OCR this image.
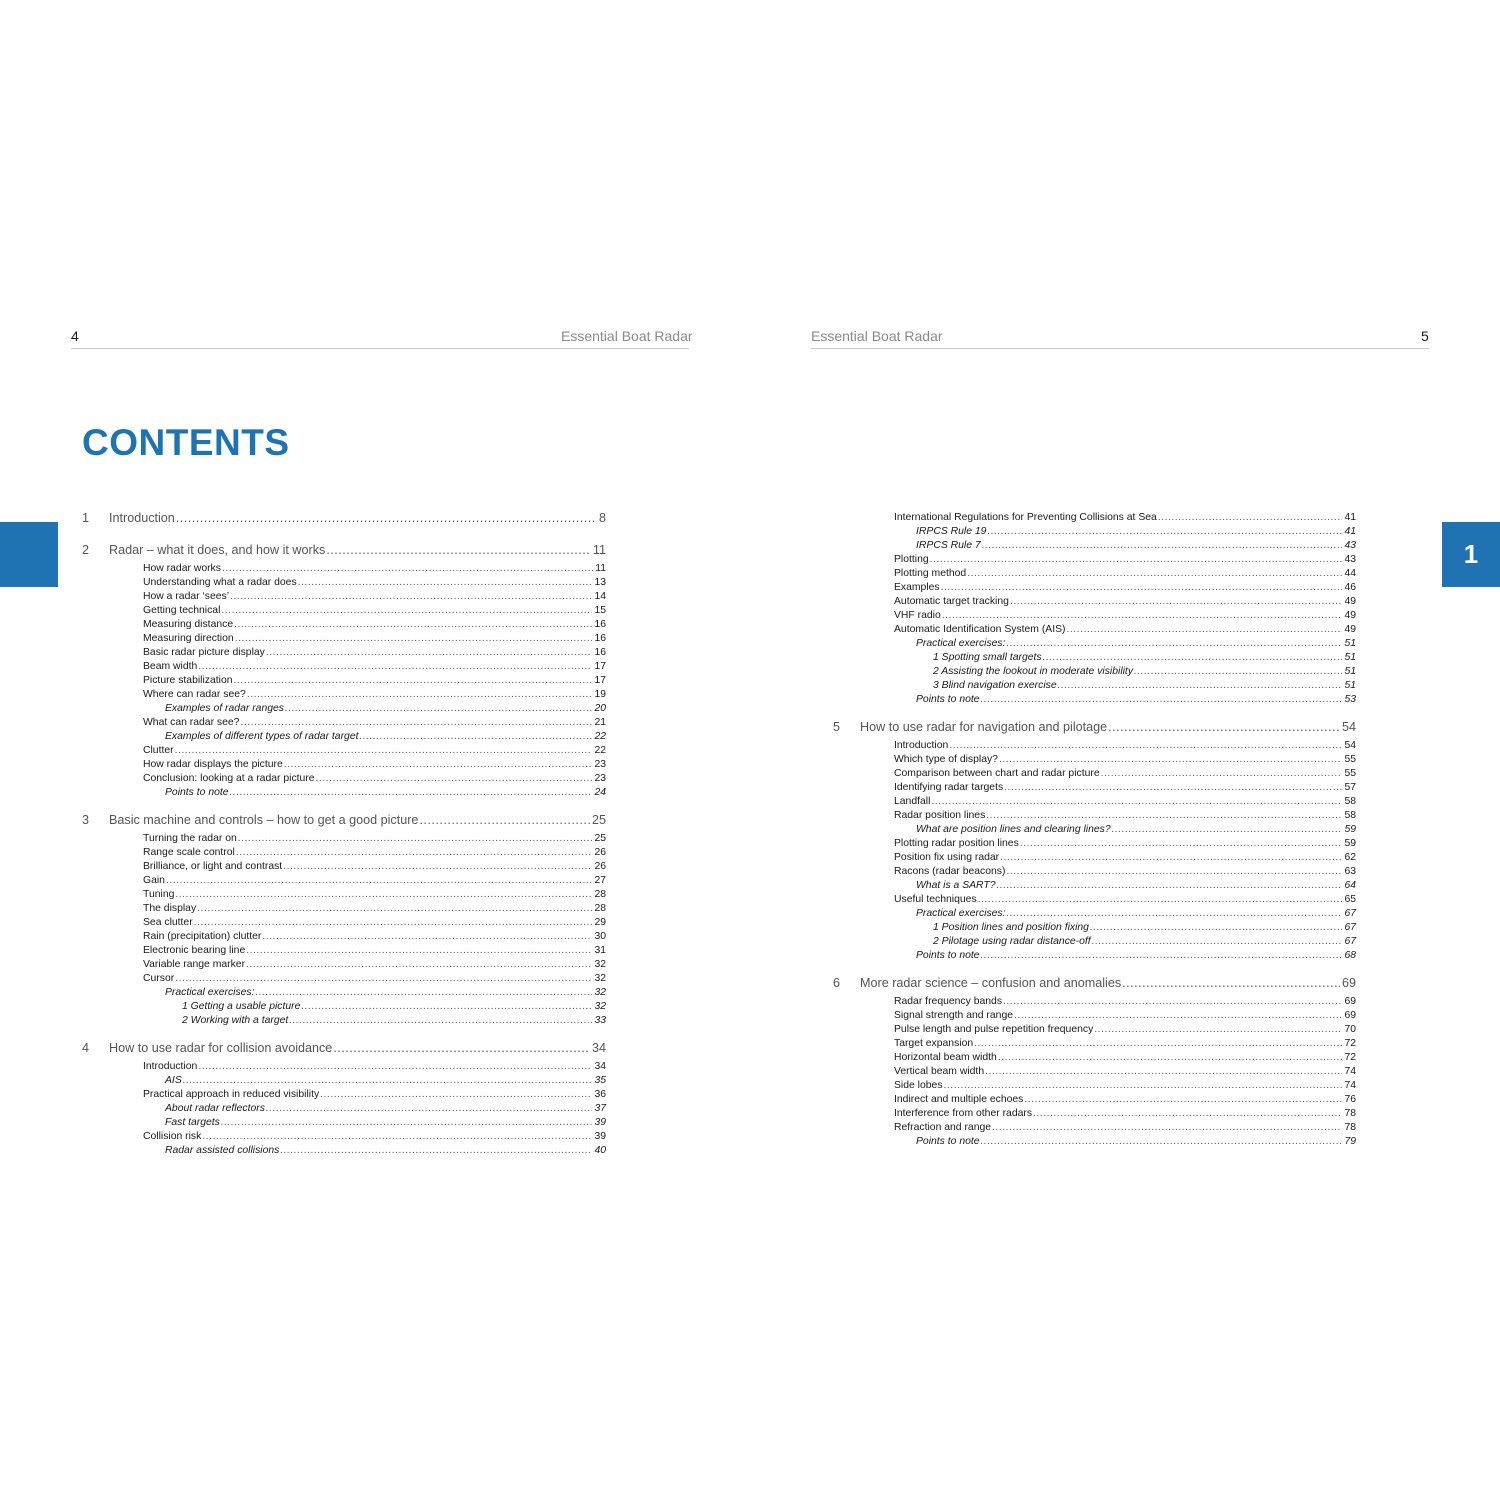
4	Essential Boat Radar	Essential Boat Radar	5
1
CONTENTS
1 Introduction .....	8
2 Radar – what it does, and how it works .....	11
How radar works .....	11
Understanding what a radar does .....	13
How a radar ‘sees’ .....	14
Getting technical .....	15
Measuring distance .....	16
Measuring direction .....	16
Basic radar picture display .....	16
Beam width .....	17
Picture stabilization .....	17
Where can radar see? .....	19
Examples of radar ranges .....	20
What can radar see? .....	21
Examples of different types of radar target .....	22
Clutter .....	22
How radar displays the picture .....	23
Conclusion: looking at a radar picture .....	23
Points to note .....	24
3 Basic machine and controls – how to get a good picture .....	25
Turning the radar on .....	25
Range scale control .....	26
Brilliance, or light and contrast .....	26
Gain .....	27
Tuning .....	28
The display .....	28
Sea clutter .....	29
Rain (precipitation) clutter .....	30
Electronic bearing line .....	31
Variable range marker .....	32
Cursor .....	32
Practical exercises: .....	32
1 Getting a usable picture .....	32
2 Working with a target .....	33
4 How to use radar for collision avoidance .....	34
Introduction .....	34
AIS .....	35
Practical approach in reduced visibility .....	36
About radar reflectors .....	37
Fast targets .....	39
Collision risk .....	39
Radar assisted collisions .....	40
International Regulations for Preventing Collisions at Sea .....	41
IRPCS Rule 19 .....	41
IRPCS Rule 7 .....	43
Plotting .....	43
Plotting method .....	44
Examples .....	46
Automatic target tracking .....	49
VHF radio .....	49
Automatic Identification System (AIS) .....	49
Practical exercises: .....	51
1 Spotting small targets .....	51
2 Assisting the lookout in moderate visibility .....	51
3 Blind navigation exercise .....	51
Points to note .....	53
5 How to use radar for navigation and pilotage .....	54
Introduction .....	54
Which type of display? .....	55
Comparison between chart and radar picture .....	55
Identifying radar targets .....	57
Landfall .....	58
Radar position lines .....	58
What are position lines and clearing lines? .....	59
Plotting radar position lines .....	59
Position fix using radar .....	62
Racons (radar beacons) .....	63
What is a SART? .....	64
Useful techniques .....	65
Practical exercises: .....	67
1 Position lines and position fixing .....	67
2 Pilotage using radar distance-off .....	67
Points to note .....	68
6 More radar science – confusion and anomalies .....	69
Radar frequency bands .....	69
Signal strength and range .....	69
Pulse length and pulse repetition frequency .....	70
Target expansion .....	72
Horizontal beam width .....	72
Vertical beam width .....	74
Side lobes .....	74
Indirect and multiple echoes .....	76
Interference from other radars .....	78
Refraction and range .....	78
Points to note .....	79
